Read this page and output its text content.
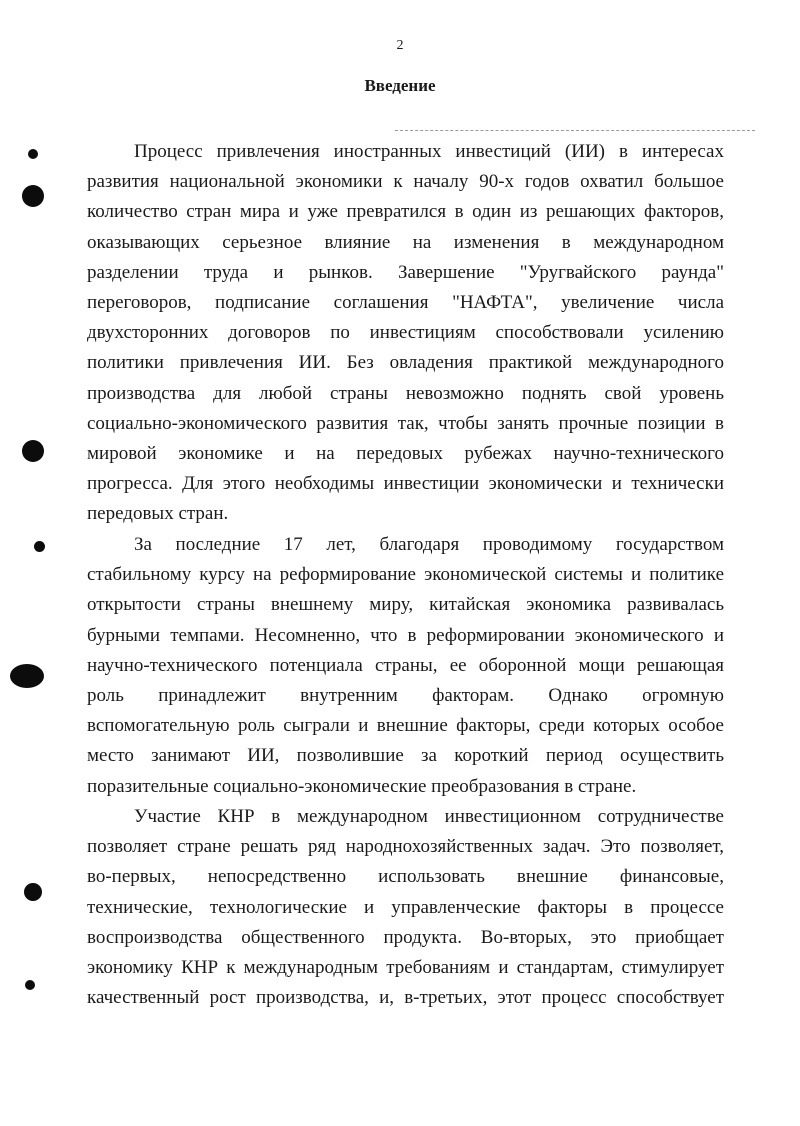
2
Введение
Процесс привлечения иностранных инвестиций (ИИ) в интересах
развития национальной экономики к началу 90-х годов охватил большое
количество стран мира и уже превратился в один из решающих факторов,
оказывающих серьезное влияние на изменения в международном
разделении труда и рынков. Завершение "Уругвайского раунда"
переговоров, подписание соглашения "НАФТА", увеличение числа
двухсторонних договоров по инвестициям способствовали усилению
политики привлечения ИИ. Без овладения практикой международного
производства для любой страны невозможно поднять свой уровень
социально-экономического развития так, чтобы занять прочные позиции в
мировой экономике и на передовых рубежах научно-технического
прогресса. Для этого необходимы инвестиции экономически и технически
передовых стран.
За последние 17 лет, благодаря проводимому государством
стабильному курсу на реформирование экономической системы и политике
открытости страны внешнему миру, китайская экономика развивалась
бурными темпами. Несомненно, что в реформировании экономического и
научно-технического потенциала страны, ее оборонной мощи решающая
роль принадлежит внутренним факторам. Однако огромную
вспомогательную роль сыграли и внешние факторы, среди которых особое
место занимают ИИ, позволившие за короткий период осуществить
поразительные социально-экономические преобразования в стране.
Участие КНР в международном инвестиционном сотрудничестве
позволяет стране решать ряд народнохозяйственных задач. Это позволяет,
во-первых, непосредственно использовать внешние финансовые,
технические, технологические и управленческие факторы в процессе
воспроизводства общественного продукта. Во-вторых, это приобщает
экономику КНР к международным требованиям и стандартам, стимулирует
качественный рост производства, и, в-третьих, этот процесс способствует
